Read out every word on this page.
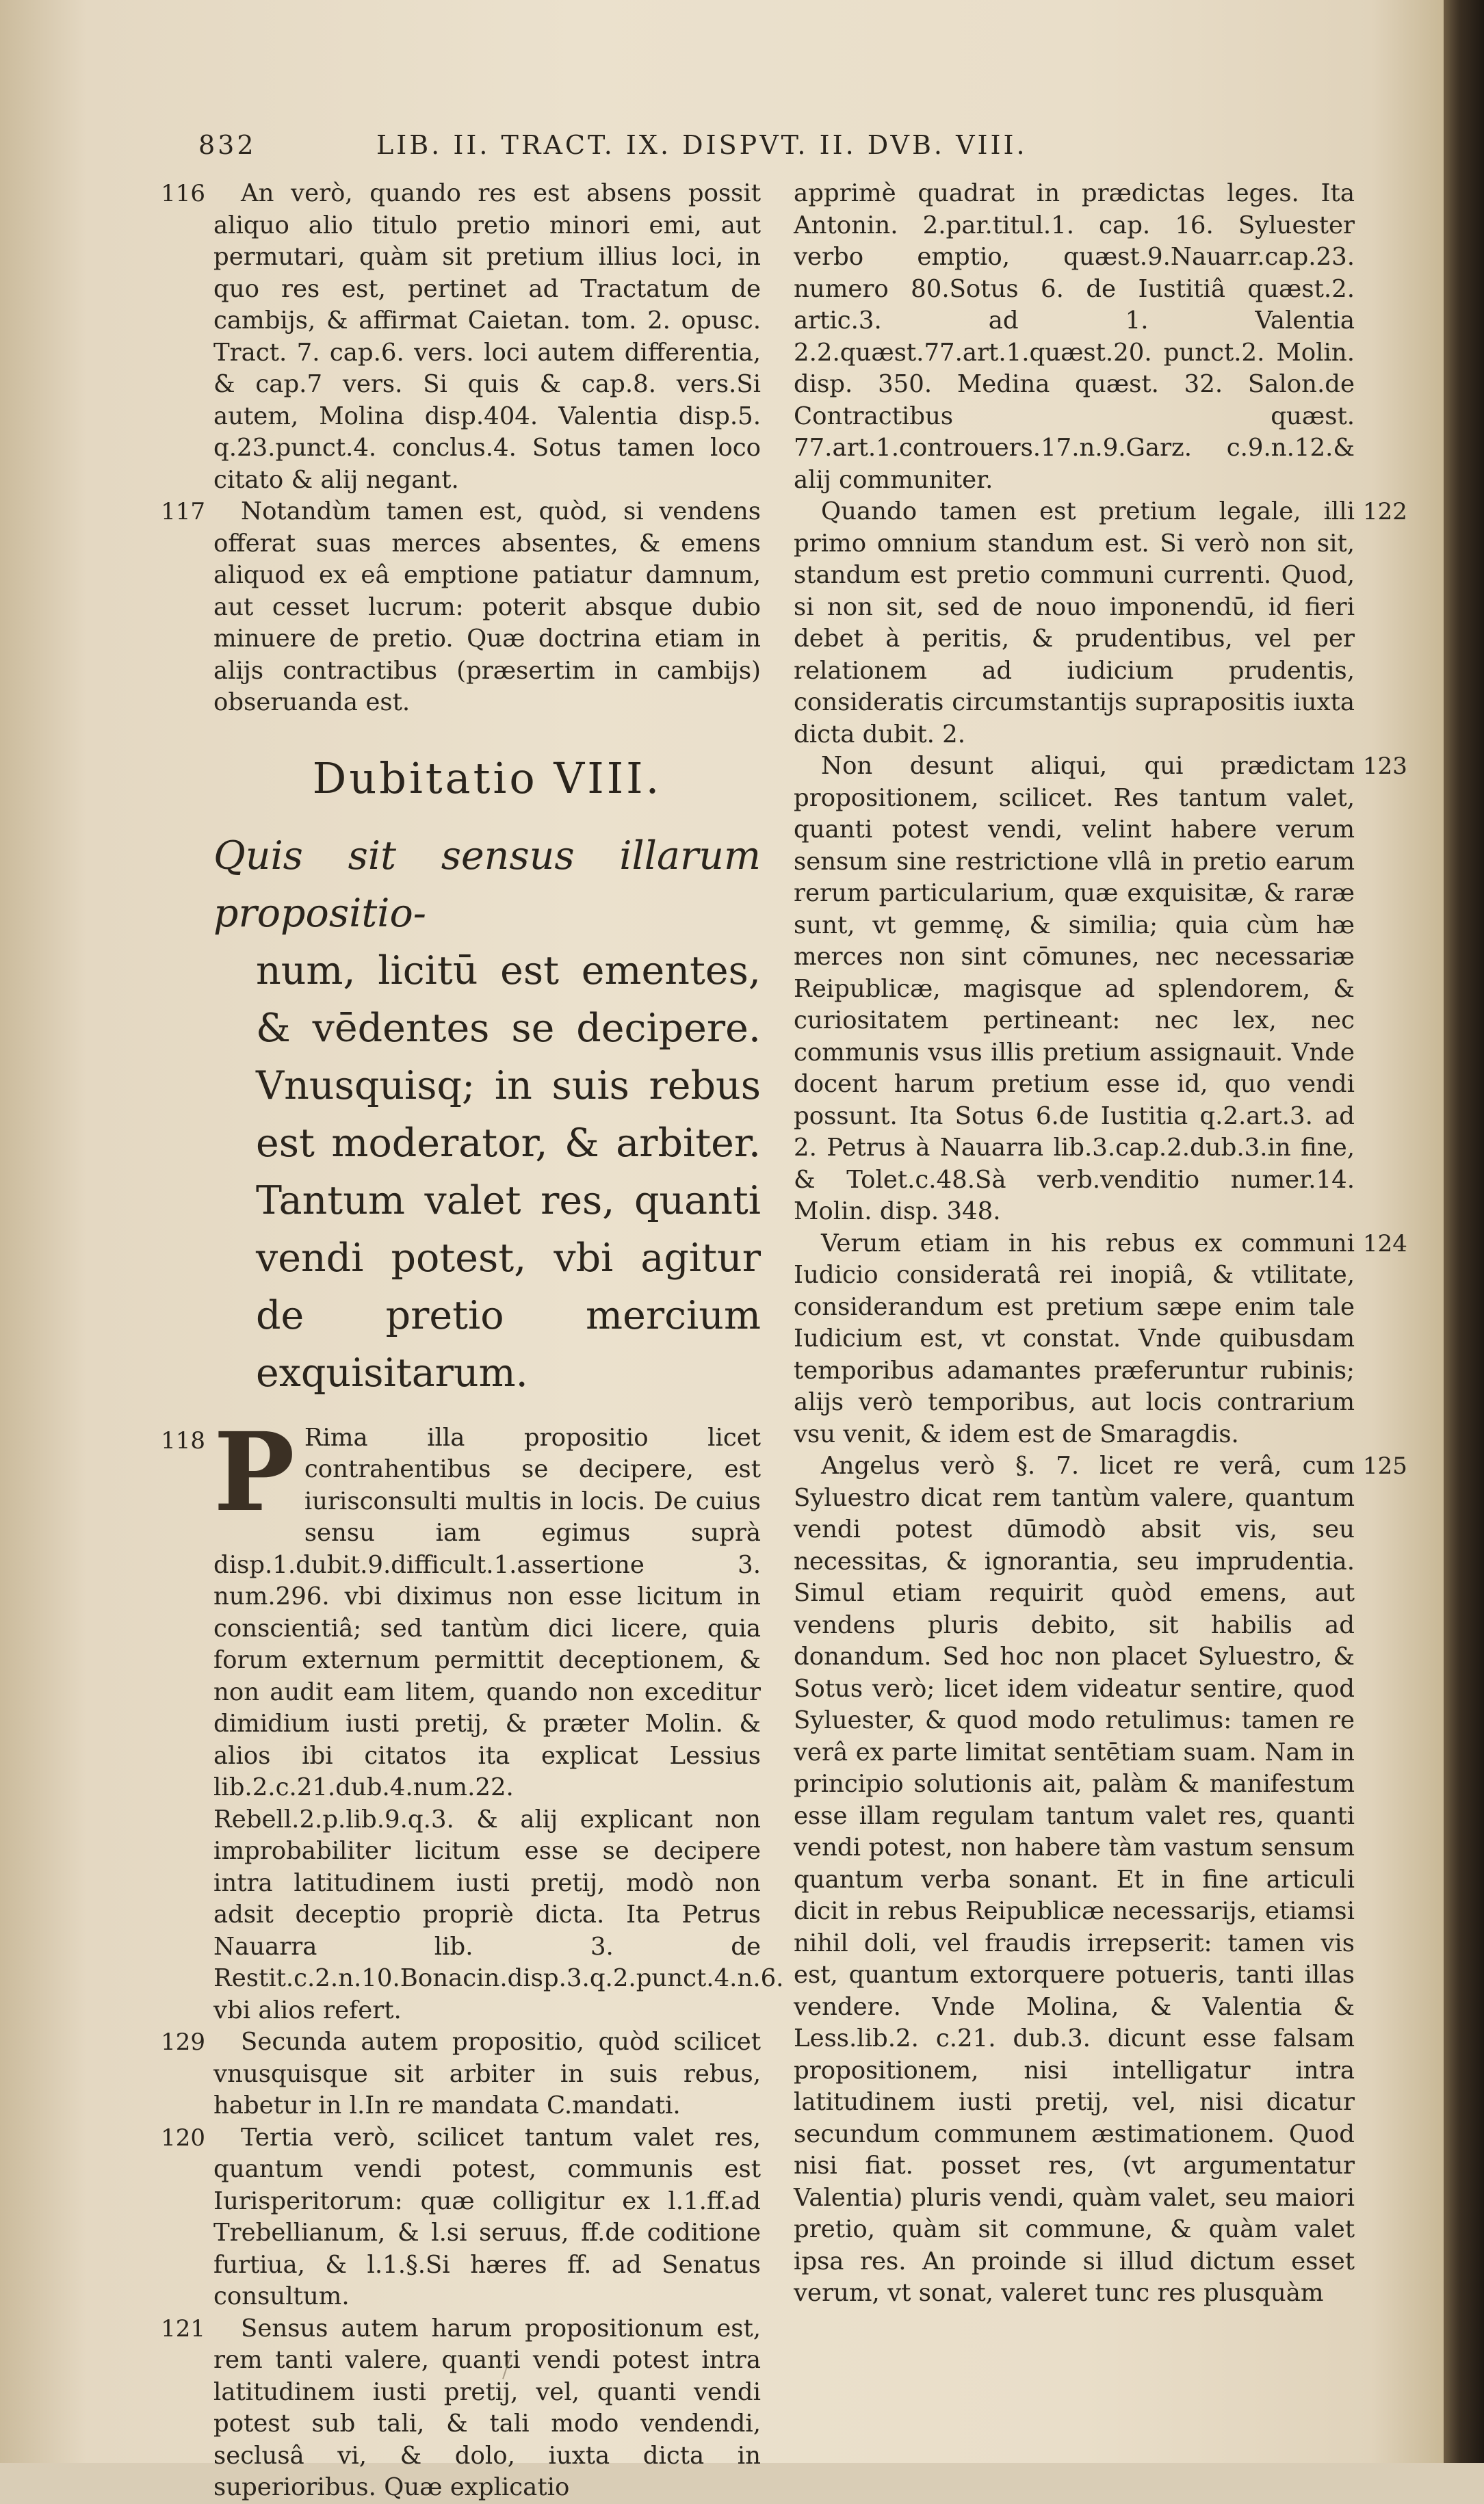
832	LIB. II. TRACT. IX. DISPVT. II. DVB. VIII.

116 An verò, quando res est absens possit aliquo alio titulo pretio minori emi, aut permutari, quàm sit pretium illius loci, in quo res est, pertinet ad Tractatum de cambijs, & affirmat Caietan. tom. 2. opusc. Tract. 7. cap.6. vers. loci autem differentia, & cap.7 vers. Si quis & cap.8. vers.Si autem, Molina disp.404. Valentia disp.5. q.23.punct.4. conclus.4. Sotus tamen loco citato & alij negant.

117 Notandùm tamen est, quòd, si vendens offerat suas merces absentes, & emens aliquod ex eâ emptione patiatur damnum, aut cesset lucrum: poterit absque dubio minuere de pretio. Quæ doctrina etiam in alijs contractibus (præsertim in cambijs) obseruanda est.

Dubitatio VIII.
Quis sit sensus illarum propositio-
num, licitū est ementes, & vēdentes se decipere. Vnusquisq; in suis rebus est moderator, & arbiter. Tantum valet res, quanti vendi potest, vbi agitur de pretio mercium exquisitarum.
118 P Rima illa propositio licet contrahentibus se decipere, est iurisconsulti multis in locis. De cuius sensu iam egimus suprà disp.1.dubit.9.difficult.1.assertione 3. num.296. vbi diximus non esse licitum in conscientiâ; sed tantùm dici licere, quia forum externum permittit deceptionem, & non audit eam litem, quando non exceditur dimidium iusti pretij, & præter Molin. & alios ibi citatos ita explicat Lessius lib.2.c.21.dub.4.num.22. Rebell.2.p.lib.9.q.3. & alij explicant non improbabiliter licitum esse se decipere intra latitudinem iusti pretij, modò non adsit deceptio propriè dicta. Ita Petrus Nauarra lib. 3. de Restit.c.2.n.10.Bonacin.disp.3.q.2.punct.4.n.6. vbi alios refert.

129 Secunda autem propositio, quòd scilicet vnusquisque sit arbiter in suis rebus, habetur in l.In re mandata C.mandati.

120 Tertia verò, scilicet tantum valet res, quantum vendi potest, communis est Iurisperitorum: quæ colligitur ex l.1.ff.ad Trebellianum, & l.si seruus, ff.de coditione furtiua, & l.1.§.Si hæres ff. ad Senatus consultum.

121 Sensus autem harum propositionum est, rem tanti valere, quanti vendi potest intra latitudinem iusti pretij, vel, quanti vendi potest sub tali, & tali modo vendendi, seclusâ vi, & dolo, iuxta dicta in superioribus. Quæ explicatio

apprimè quadrat in prædictas leges. Ita Antonin. 2.par.titul.1. cap. 16. Syluester verbo emptio, quæst.9.Nauarr.cap.23. numero 80.Sotus 6. de Iustitiâ quæst.2. artic.3. ad 1. Valentia 2.2.quæst.77.art.1.quæst.20. punct.2. Molin. disp. 350. Medina quæst. 32. Salon.de Contractibus quæst. 77.art.1.controuers.17.n.9.Garz. c.9.n.12.& alij communiter.

122
Quando tamen est pretium legale, illi primo omnium standum est. Si verò non sit, standum est pretio communi currenti. Quod, si non sit, sed de nouo imponendū, id fieri debet à peritis, & prudentibus, vel per relationem ad iudicium prudentis, consideratis circumstantijs suprapositis iuxta dicta dubit. 2.

123
Non desunt aliqui, qui prædictam propositionem, scilicet. Res tantum valet, quanti potest vendi, velint habere verum sensum sine restrictione vllâ in pretio earum rerum particularium, quæ exquisitæ, & raræ sunt, vt gemmę, & similia; quia cùm hæ merces non sint cōmunes, nec necessariæ Reipublicæ, magisque ad splendorem, & curiositatem pertineant: nec lex, nec communis vsus illis pretium assignauit. Vnde docent harum pretium esse id, quo vendi possunt. Ita Sotus 6.de Iustitia q.2.art.3. ad 2. Petrus à Nauarra lib.3.cap.2.dub.3.in fine, & Tolet.c.48.Sà verb.venditio numer.14. Molin. disp. 348.

124
Verum etiam in his rebus ex communi Iudicio consideratâ rei inopiâ, & vtilitate, considerandum est pretium sæpe enim tale Iudicium est, vt constat. Vnde quibusdam temporibus adamantes præferuntur rubinis; alijs verò temporibus, aut locis contrarium vsu venit, & idem est de Smaragdis.

125
Angelus verò §. 7. licet re verâ, cum Syluestro dicat rem tantùm valere, quantum vendi potest dūmodò absit vis, seu necessitas, & ignorantia, seu imprudentia. Simul etiam requirit quòd emens, aut vendens pluris debito, sit habilis ad donandum. Sed hoc non placet Syluestro, & Sotus verò; licet idem videatur sentire, quod Syluester, & quod modo retulimus: tamen re verâ ex parte limitat sentētiam suam. Nam in principio solutionis ait, palàm & manifestum esse illam regulam tantum valet res, quanti vendi potest, non habere tàm vastum sensum quantum verba sonant. Et in fine articuli dicit in rebus Reipublicæ necessarijs, etiamsi nihil doli, vel fraudis irrepserit: tamen vis est, quantum extorquere potueris, tanti illas vendere. Vnde Molina, & Valentia & Less.lib.2. c.21. dub.3. dicunt esse falsam propositionem, nisi intelligatur intra latitudinem iusti pretij, vel, nisi dicatur secundum communem æstimationem. Quod nisi fiat. posset res, (vt argumentatur Valentia) pluris vendi, quàm valet, seu maiori pretio, quàm sit commune, & quàm valet ipsa res. An proinde si illud dictum esset verum, vt sonat, valeret tunc res plusquàm
